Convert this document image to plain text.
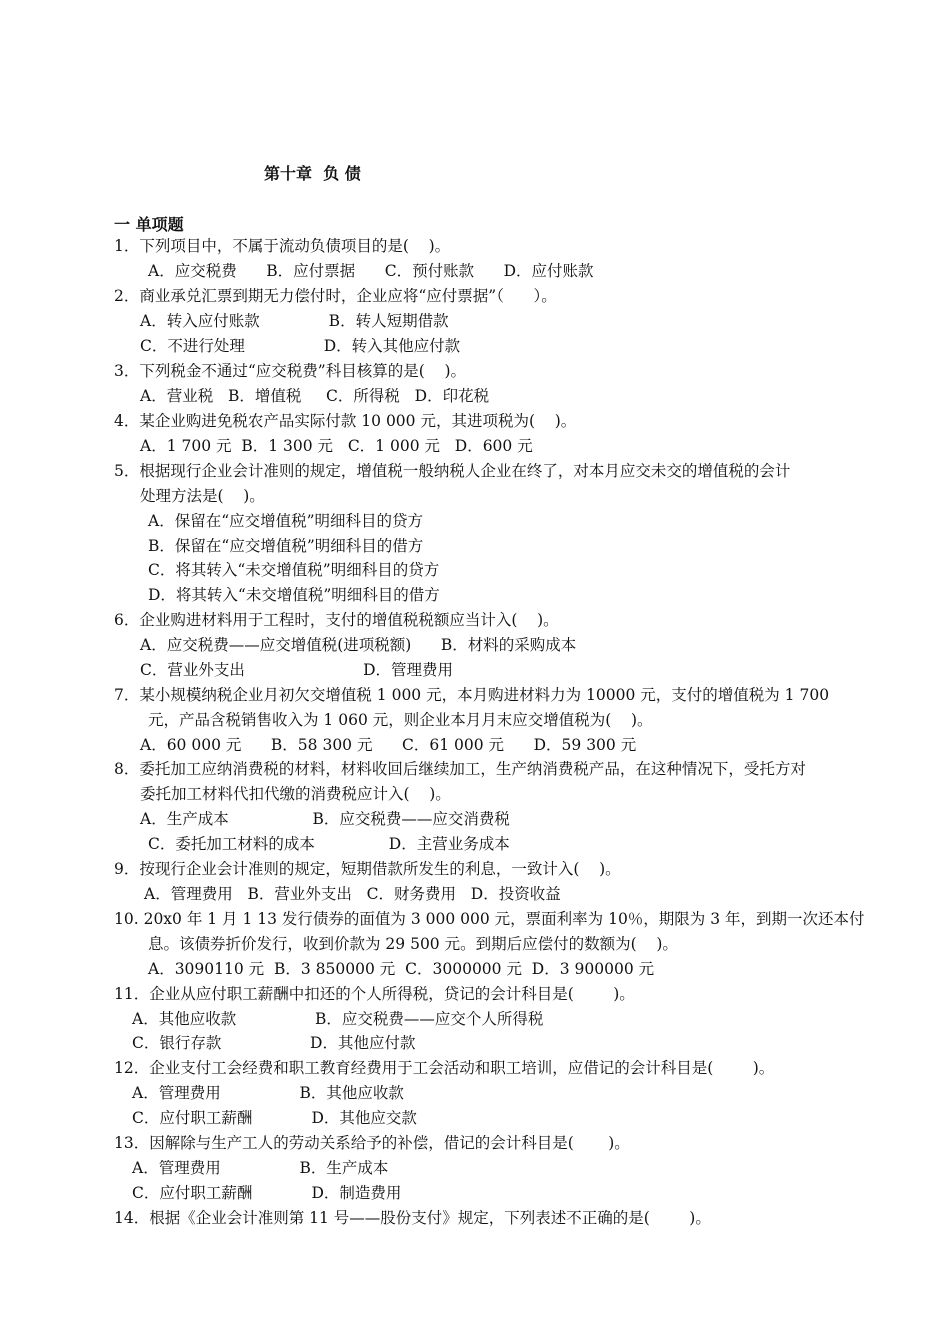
第十章  负 债
一 单项题
1．下列项目中，不属于流动负债项目的是(    )。
A．应交税费      B．应付票据      C．预付账款      D．应付账款
2．商业承兑汇票到期无力偿付时，企业应将“应付票据”（      ）。
A．转入应付账款              B．转人短期借款
C．不进行处理                D．转入其他应付款
3．下列税金不通过“应交税费”科目核算的是(    )。
A．营业税   B．增值税     C．所得税   D．印花税
4．某企业购进免税农产品实际付款 10 000 元，其进项税为(    )。
A．1 700 元  B．1 300 元   C．1 000 元   D．600 元
5．根据现行企业会计准则的规定，增值税一般纳税人企业在终了，对本月应交未交的增值税的会计
处理方法是(    )。
A．保留在“应交增值税”明细科目的贷方
B．保留在“应交增值税”明细科目的借方
C．将其转入“未交增值税”明细科目的贷方
D．将其转入“未交增值税”明细科目的借方
6．企业购进材料用于工程时，支付的增值税税额应当计入(    )。
A．应交税费——应交增值税(进项税额)      B．材料的采购成本
C．营业外支出                        D．管理费用
7．某小规模纳税企业月初欠交增值税 1 000 元，本月购进材料力为 10000 元，支付的增值税为 1 700
元，产品含税销售收入为 1 060 元，则企业本月月末应交增值税为(    )。
A．60 000 元      B．58 300 元      C．61 000 元      D．59 300 元
8．委托加工应纳消费税的材料，材料收回后继续加工，生产纳消费税产品，在这种情况下，受托方对
委托加工材料代扣代缴的消费税应计入(    )。
A．生产成本                 B．应交税费——应交消费税
C．委托加工材料的成本               D．主营业务成本
9．按现行企业会计准则的规定，短期借款所发生的利息，一致计入(    )。
A．管理费用   B．营业外支出   C．财务费用   D．投资收益
10. 20x0 年 1 月 1 13 发行债券的面值为 3 000 000 元，票面利率为 10％，期限为 3 年，到期一次还本付
息。该债券折价发行，收到价款为 29 500 元。到期后应偿付的数额为(    )。
A．3090110 元  B．3 850000 元  C．3000000 元  D．3 900000 元
11．企业从应付职工薪酬中扣还的个人所得税，贷记的会计科目是(        )。
A．其他应收款                B．应交税费——应交个人所得税
C．银行存款                  D．其他应付款
12．企业支付工会经费和职工教育经费用于工会活动和职工培训，应借记的会计科目是(        )。
A．管理费用                B．其他应收款
C．应付职工薪酬            D．其他应交款
13．因解除与生产工人的劳动关系给予的补偿，借记的会计科目是(       )。
A．管理费用                B．生产成本
C．应付职工薪酬            D．制造费用
14．根据《企业会计准则第 11 号——股份支付》规定，下列表述不正确的是(        )。
